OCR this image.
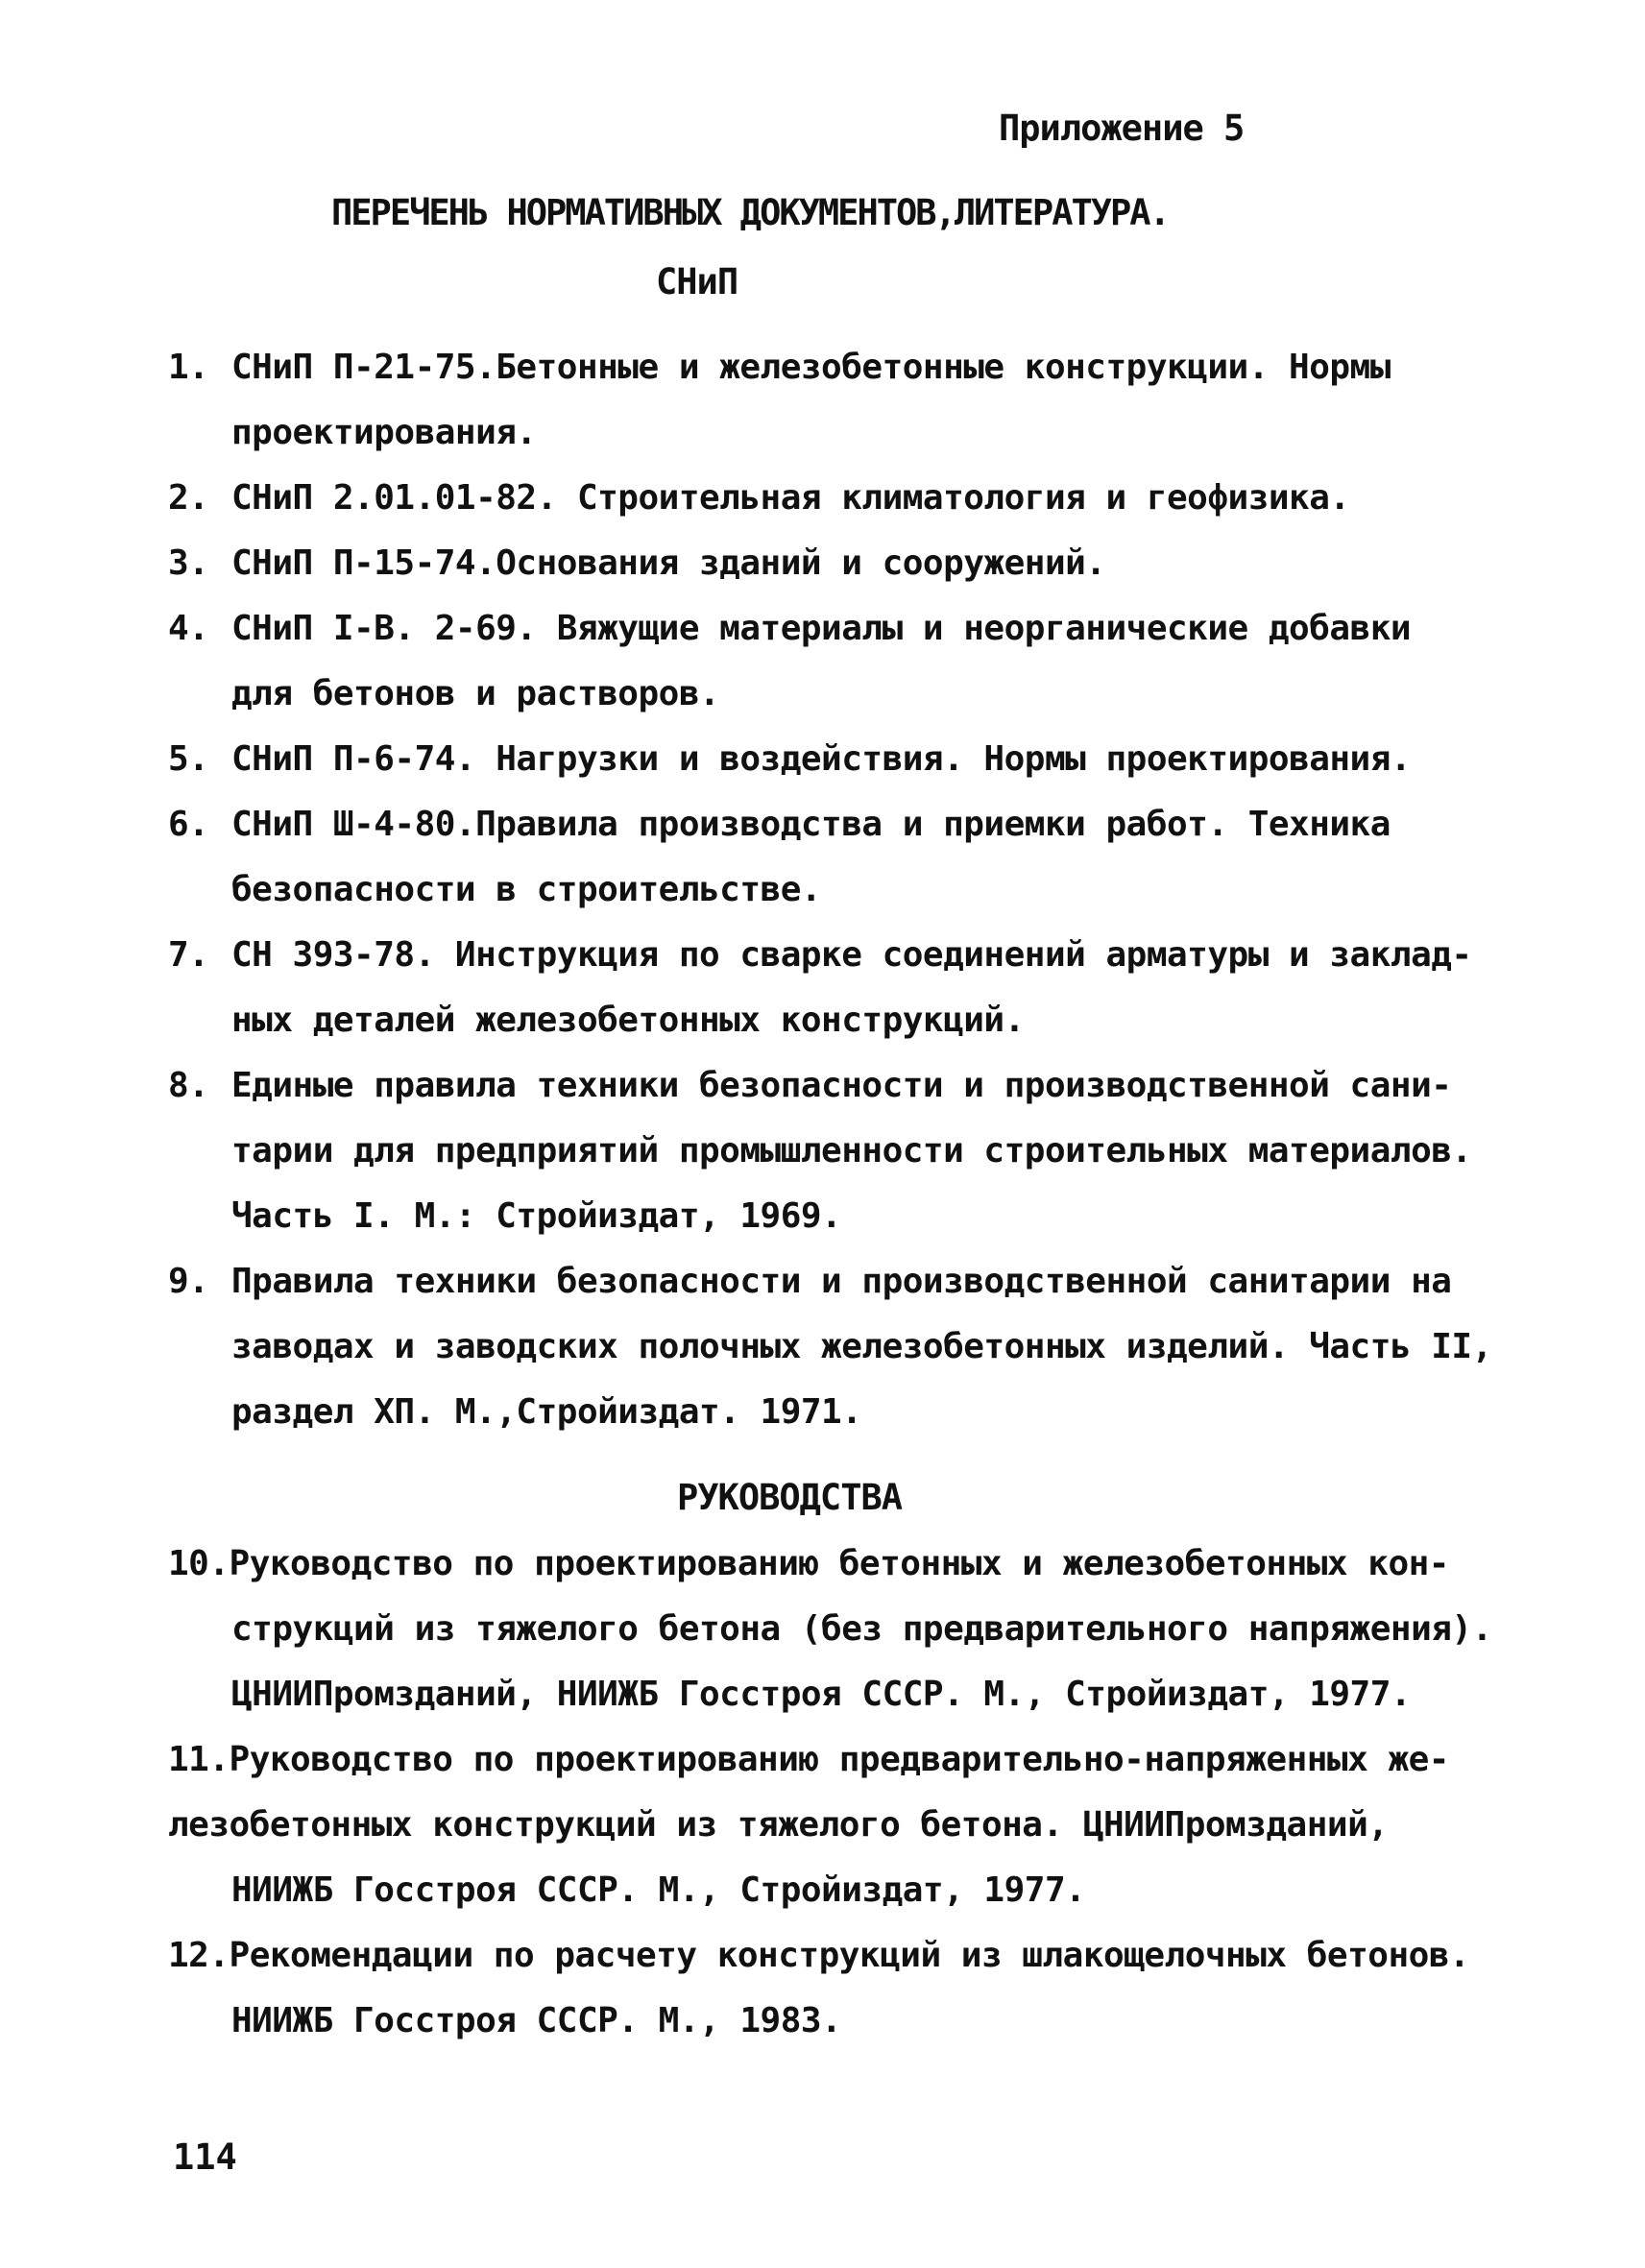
Приложение 5
ПЕРЕЧЕНЬ НОРМАТИВНЫХ ДОКУМЕНТОВ,ЛИТЕРАТУРА.
СНиП
1. СНиП П-21-75.Бетонные и железобетонные конструкции. Нормы
проектирования.
2. СНиП 2.01.01-82. Строительная климатология и геофизика.
3. СНиП П-15-74.Основания зданий и сооружений.
4. СНиП I-В. 2-69. Вяжущие материалы и неорганические добавки
для бетонов и растворов.
5. СНиП П-6-74. Нагрузки и воздействия. Нормы проектирования.
6. СНиП Ш-4-80.Правила производства и приемки работ. Техника
безопасности в строительстве.
7. СН 393-78. Инструкция по сварке соединений арматуры и заклад-
ных деталей железобетонных конструкций.
8. Единые правила техники безопасности и производственной сани-
тарии для предприятий промышленности строительных материалов.
Часть I. М.: Стройиздат, 1969.
9. Правила техники безопасности и производственной санитарии на
заводах и заводских полочных железобетонных изделий. Часть II,
раздел XП. М.,Стройиздат. 1971.
РУКОВОДСТВА
10.Руководство по проектированию бетонных и железобетонных кон-
струкций из тяжелого бетона (без предварительного напряжения).
ЦНИИПромзданий, НИИЖБ Госстроя СССР. М., Стройиздат, 1977.
11.Руководство по проектированию предварительно-напряженных же-
лезобетонных конструкций из тяжелого бетона. ЦНИИПромзданий,
НИИЖБ Госстроя СССР. М., Стройиздат, 1977.
12.Рекомендации по расчету конструкций из шлакощелочных бетонов.
НИИЖБ Госстроя СССР. М., 1983.
114
